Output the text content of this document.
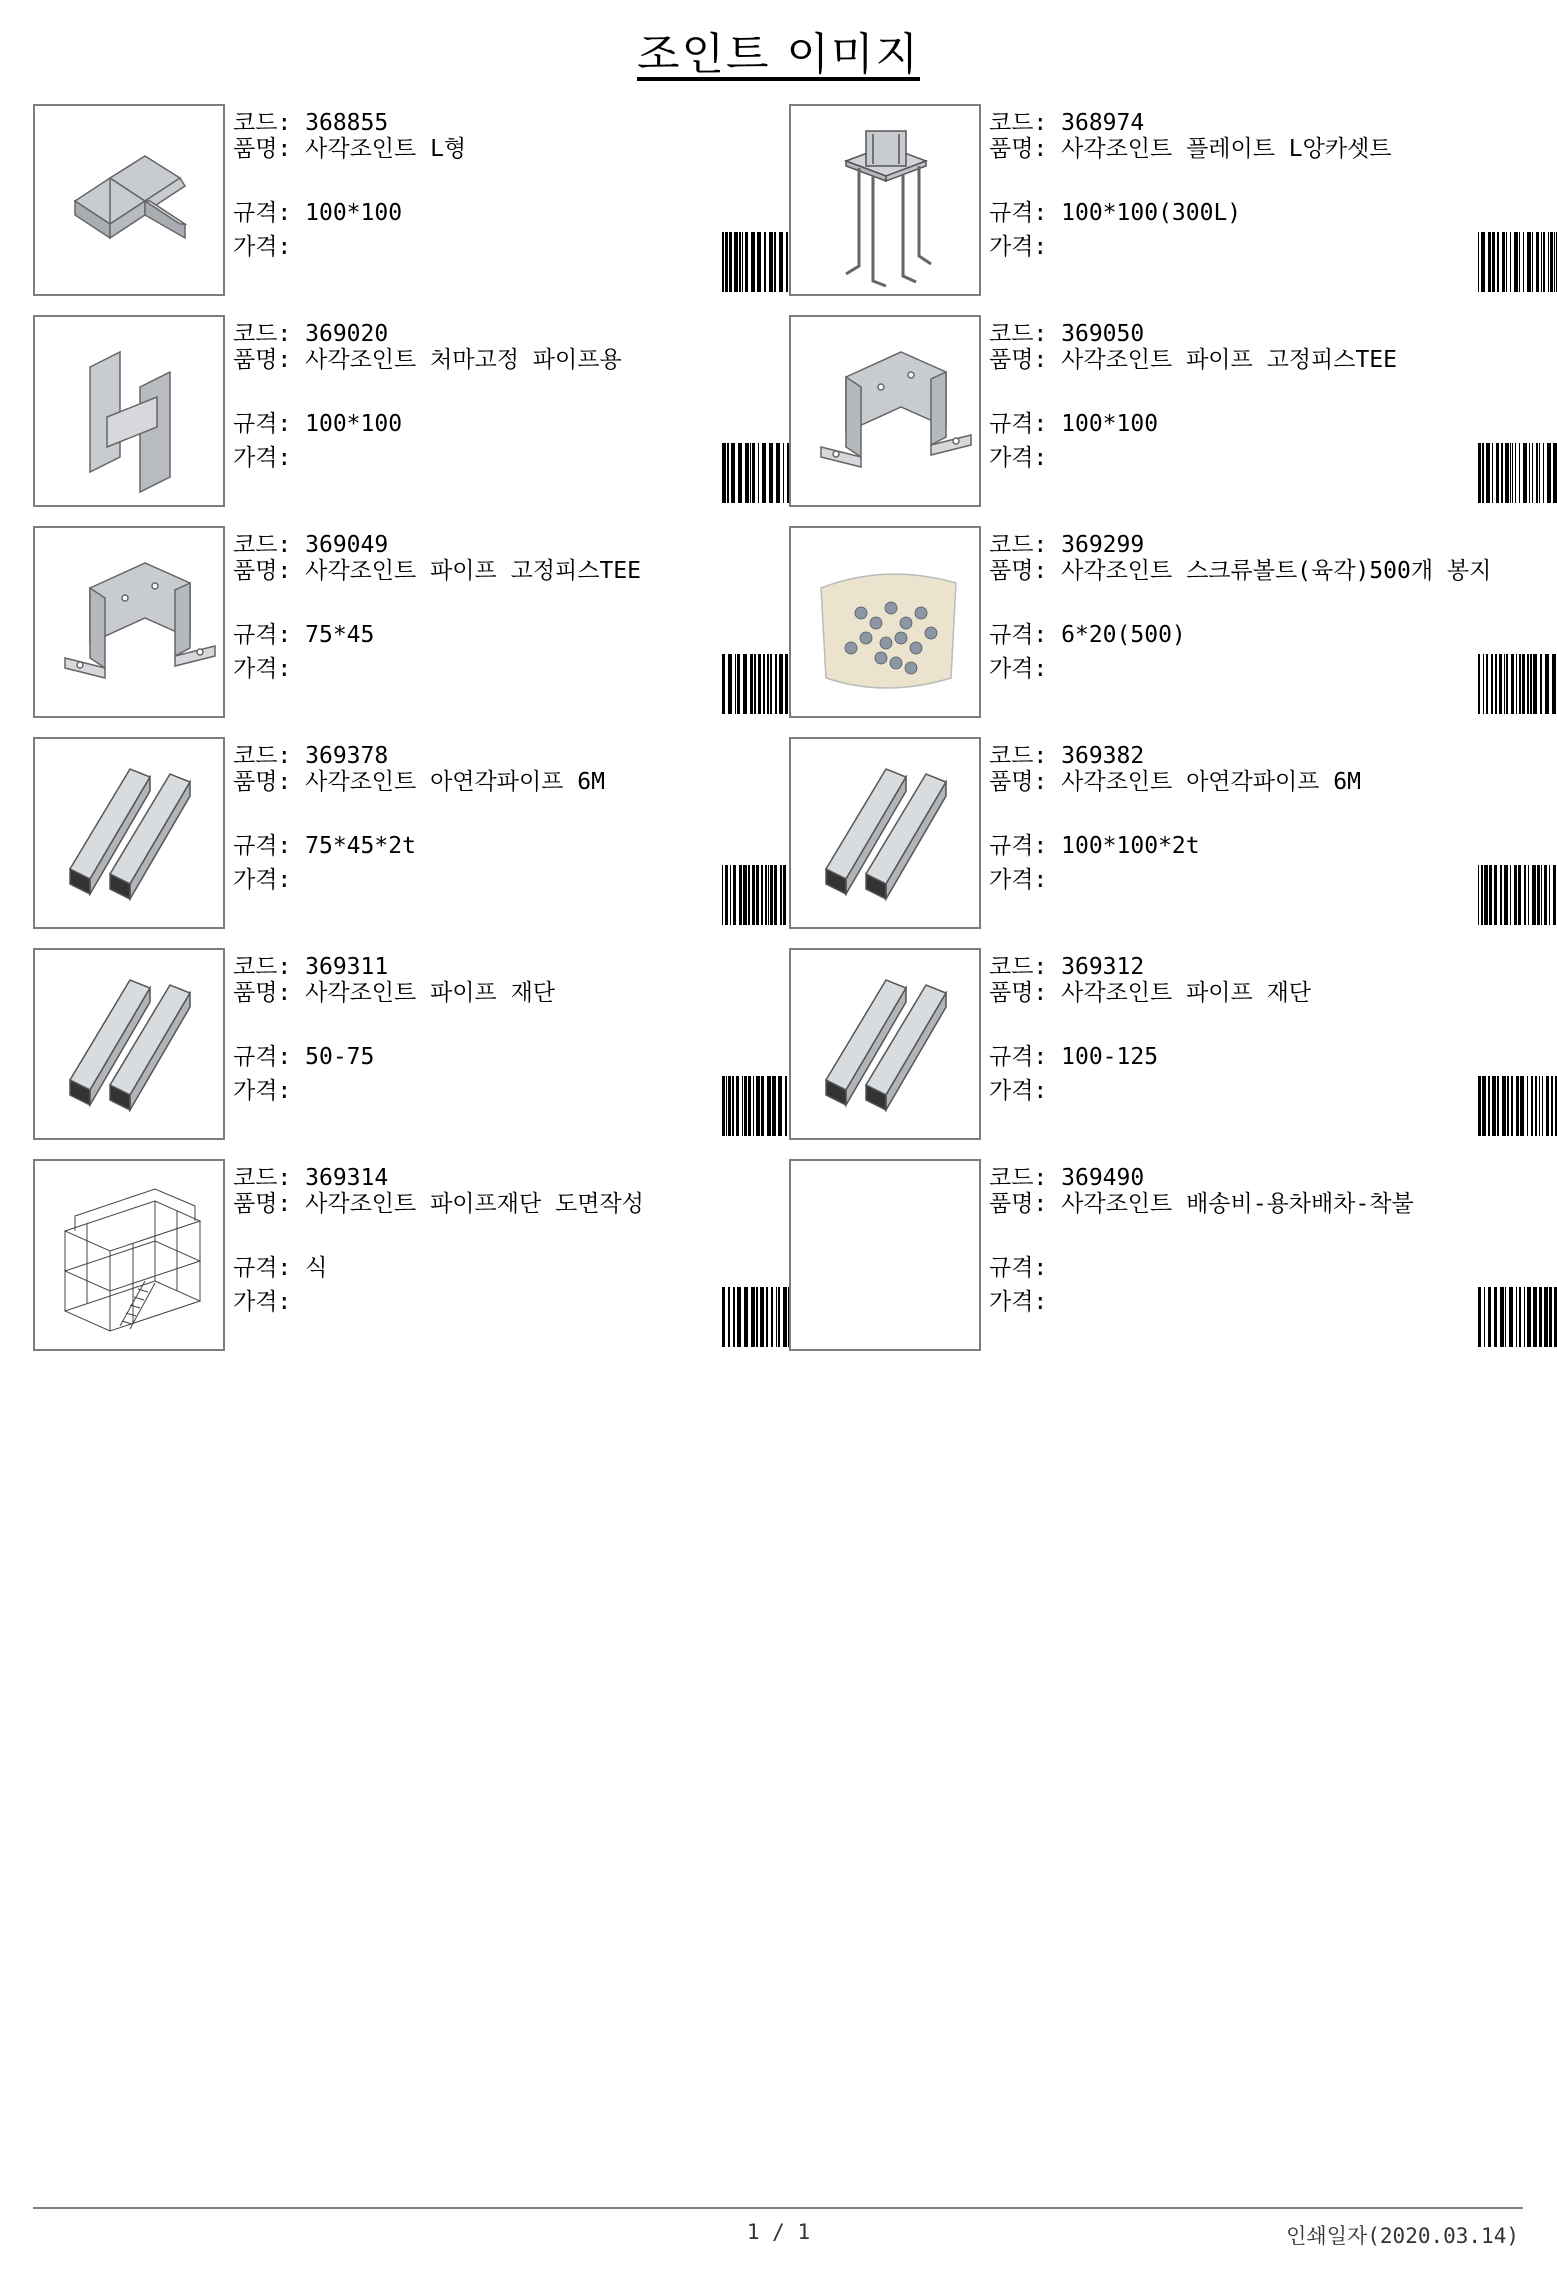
조인트 이미지
코드: 368855
품명: 사각조인트 L형
규격: 100*100
가격:
코드: 368974
품명: 사각조인트 플레이트 L앙카셋트
규격: 100*100(300L)
가격:
코드: 369020
품명: 사각조인트 처마고정 파이프용
규격: 100*100
가격:
코드: 369050
품명: 사각조인트 파이프 고정피스TEE
규격: 100*100
가격:
코드: 369049
품명: 사각조인트 파이프 고정피스TEE
규격: 75*45
가격:
코드: 369299
품명: 사각조인트 스크류볼트(육각)500개 봉지
규격: 6*20(500)
가격:
코드: 369378
품명: 사각조인트 아연각파이프 6M
규격: 75*45*2t
가격:
코드: 369382
품명: 사각조인트 아연각파이프 6M
규격: 100*100*2t
가격:
코드: 369311
품명: 사각조인트 파이프 재단
규격: 50-75
가격:
코드: 369312
품명: 사각조인트 파이프 재단
규격: 100-125
가격:
코드: 369314
품명: 사각조인트 파이프재단 도면작성
규격: 식
가격:
코드: 369490
품명: 사각조인트 배송비-용차배차-착불
규격:
가격:
1 / 1	인쇄일자(2020.03.14)
